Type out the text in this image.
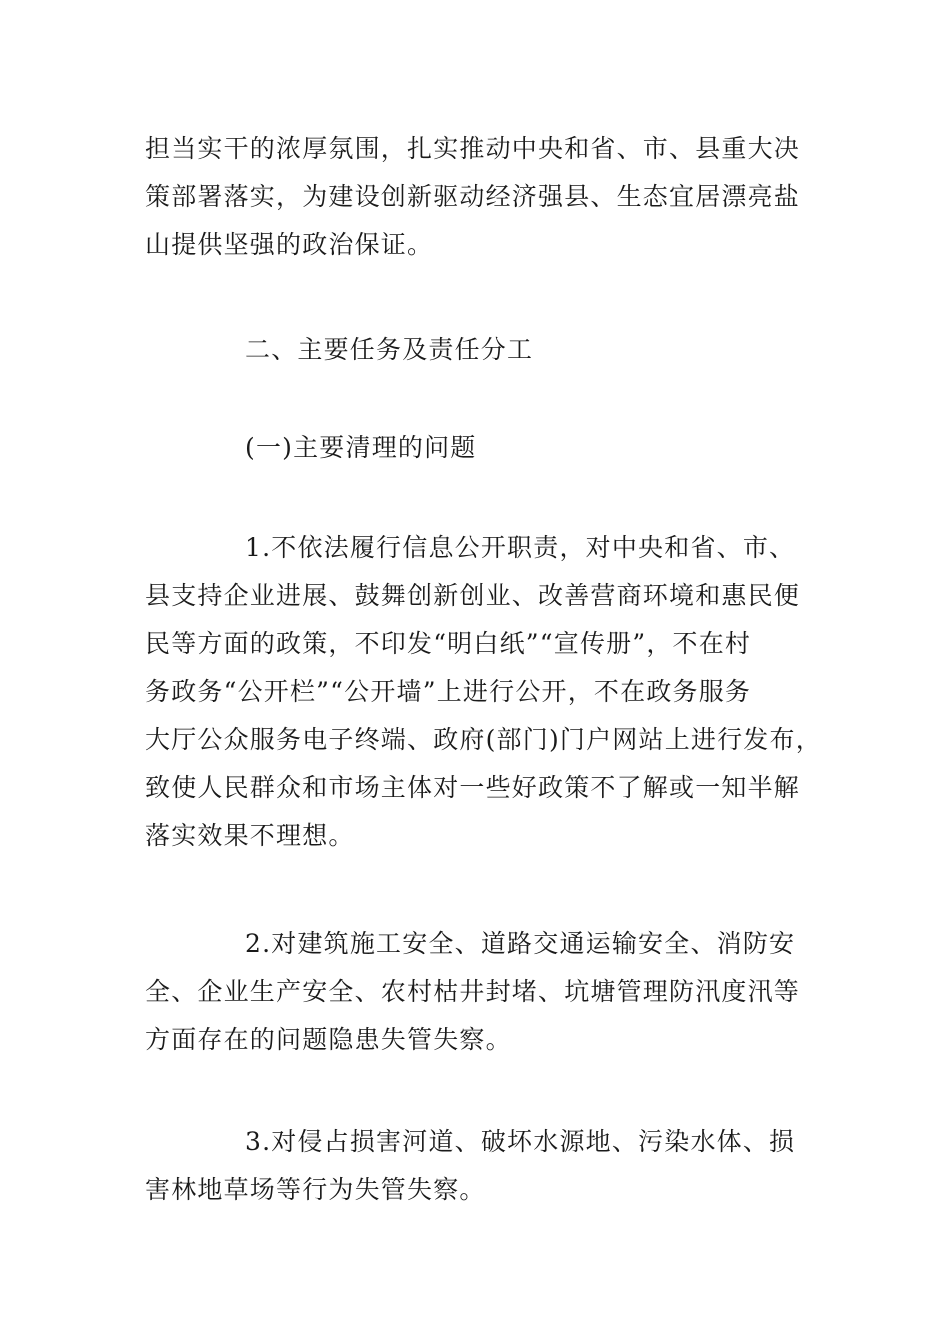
担当实干的浓厚氛围，扎实推动中央和省、市、县重大决
策部署落实，为建设创新驱动经济强县、生态宜居漂亮盐
山提供坚强的政治保证。
二、主要任务及责任分工
(一)主要清理的问题
1.不依法履行信息公开职责，对中央和省、市、
县支持企业进展、鼓舞创新创业、改善营商环境和惠民便
民等方面的政策，不印发“明白纸”“宣传册”，不在村
务政务“公开栏”“公开墙”上进行公开，不在政务服务
大厅公众服务电子终端、政府(部门)门户网站上进行发布，
致使人民群众和市场主体对一些好政策不了解或一知半解
落实效果不理想。
2.对建筑施工安全、道路交通运输安全、消防安
全、企业生产安全、农村枯井封堵、坑塘管理防汛度汛等
方面存在的问题隐患失管失察。
3.对侵占损害河道、破坏水源地、污染水体、损
害林地草场等行为失管失察。
